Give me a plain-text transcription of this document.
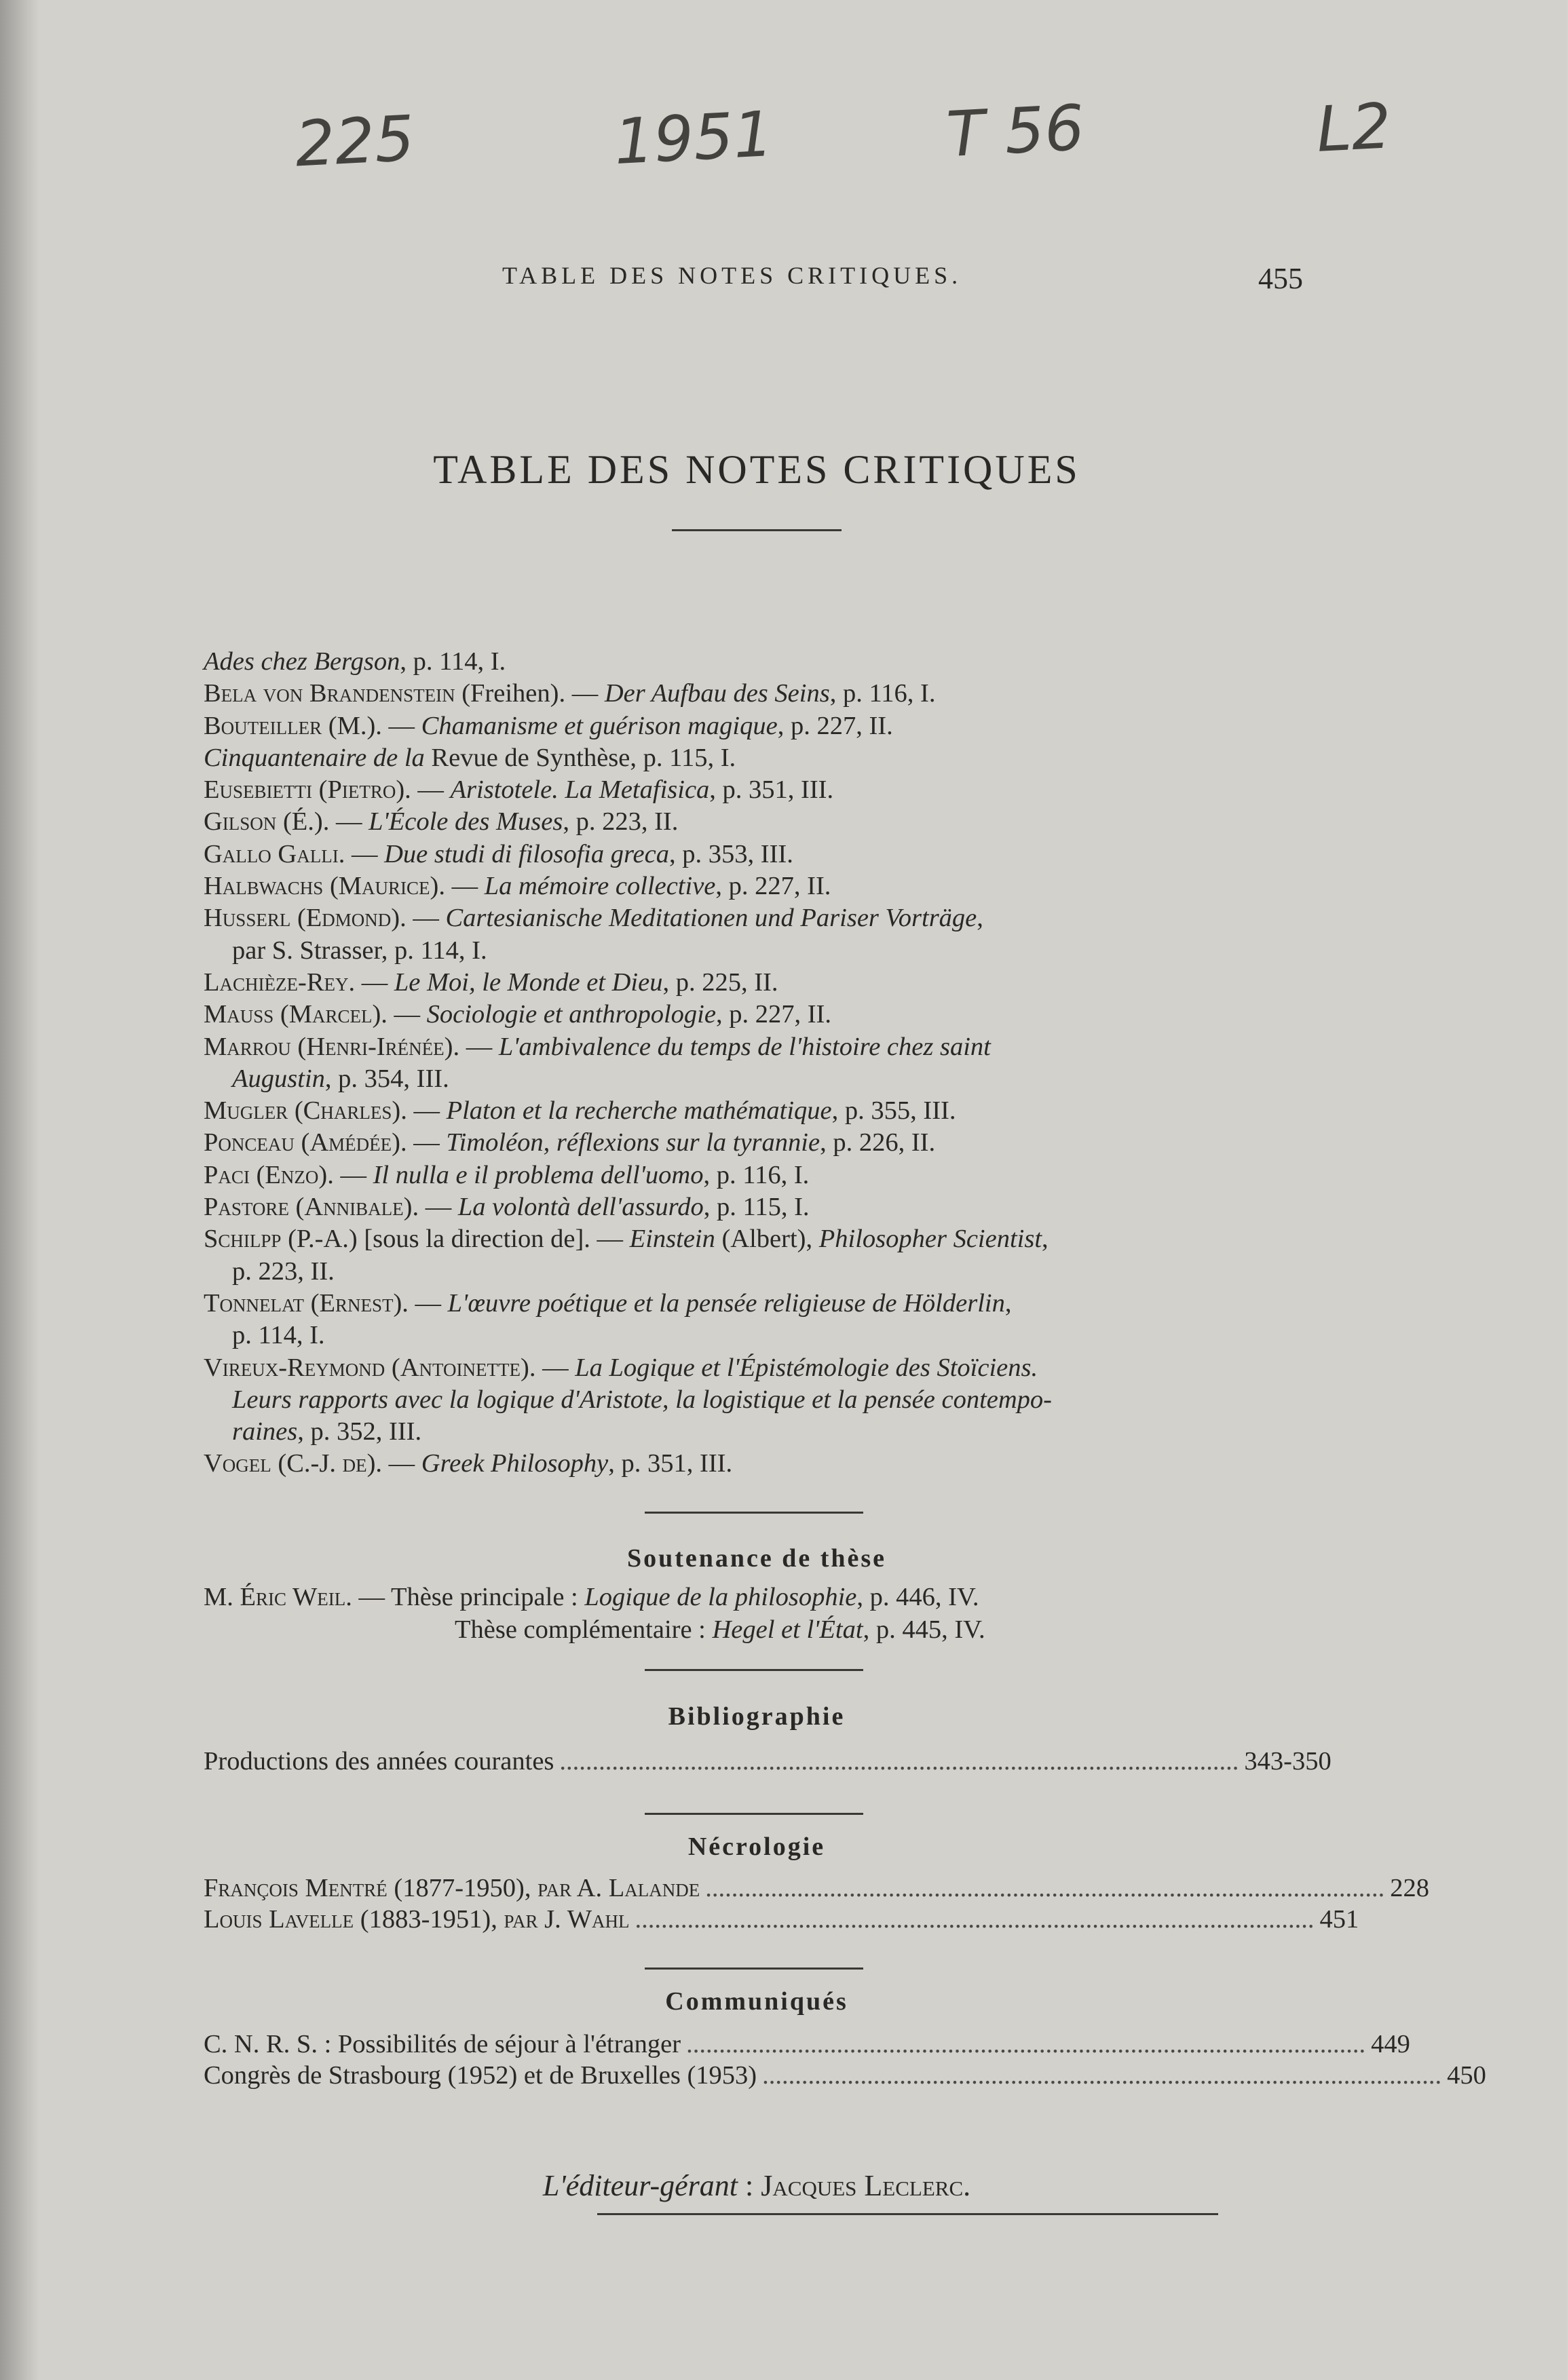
225	1951	T 56	L2
TABLE DES NOTES CRITIQUES.	455
TABLE DES NOTES CRITIQUES
Ades chez Bergson, p. 114, I.
Bela von Brandenstein (Freihen). — Der Aufbau des Seins, p. 116, I.
Bouteiller (M.). — Chamanisme et guérison magique, p. 227, II.
Cinquantenaire de la Revue de Synthèse, p. 115, I.
Eusebietti (Pietro). — Aristotele. La Metafisica, p. 351, III.
Gilson (É.). — L'École des Muses, p. 223, II.
Gallo Galli. — Due studi di filosofia greca, p. 353, III.
Halbwachs (Maurice). — La mémoire collective, p. 227, II.
Husserl (Edmond). — Cartesianische Meditationen und Pariser Vorträge,
par S. Strasser, p. 114, I.
Lachièze-Rey. — Le Moi, le Monde et Dieu, p. 225, II.
Mauss (Marcel). — Sociologie et anthropologie, p. 227, II.
Marrou (Henri-Irénée). — L'ambivalence du temps de l'histoire chez saint
Augustin, p. 354, III.
Mugler (Charles). — Platon et la recherche mathématique, p. 355, III.
Ponceau (Amédée). — Timoléon, réflexions sur la tyrannie, p. 226, II.
Paci (Enzo). — Il nulla e il problema dell'uomo, p. 116, I.
Pastore (Annibale). — La volontà dell'assurdo, p. 115, I.
Schilpp (P.-A.) [sous la direction de]. — Einstein (Albert), Philosopher Scientist,
p. 223, II.
Tonnelat (Ernest). — L'œuvre poétique et la pensée religieuse de Hölderlin,
p. 114, I.
Vireux-Reymond (Antoinette). — La Logique et l'Épistémologie des Stoïciens.
Leurs rapports avec la logique d'Aristote, la logistique et la pensée contempo-
raines, p. 352, III.
Vogel (C.-J. de). — Greek Philosophy, p. 351, III.
Soutenance de thèse
M. Éric Weil. — Thèse principale : Logique de la philosophie, p. 446, IV.
Thèse complémentaire : Hegel et l'État, p. 445, IV.
Bibliographie
Productions des années courantes ........................................................................................................ 343-350
Nécrologie
François Mentré (1877-1950), par A. Lalande ........................................................................................................ 228
Louis Lavelle (1883-1951), par J. Wahl ........................................................................................................ 451
Communiqués
C. N. R. S. : Possibilités de séjour à l'étranger ........................................................................................................ 449
Congrès de Strasbourg (1952) et de Bruxelles (1953) ........................................................................................................ 450
L'éditeur-gérant : Jacques Leclerc.
